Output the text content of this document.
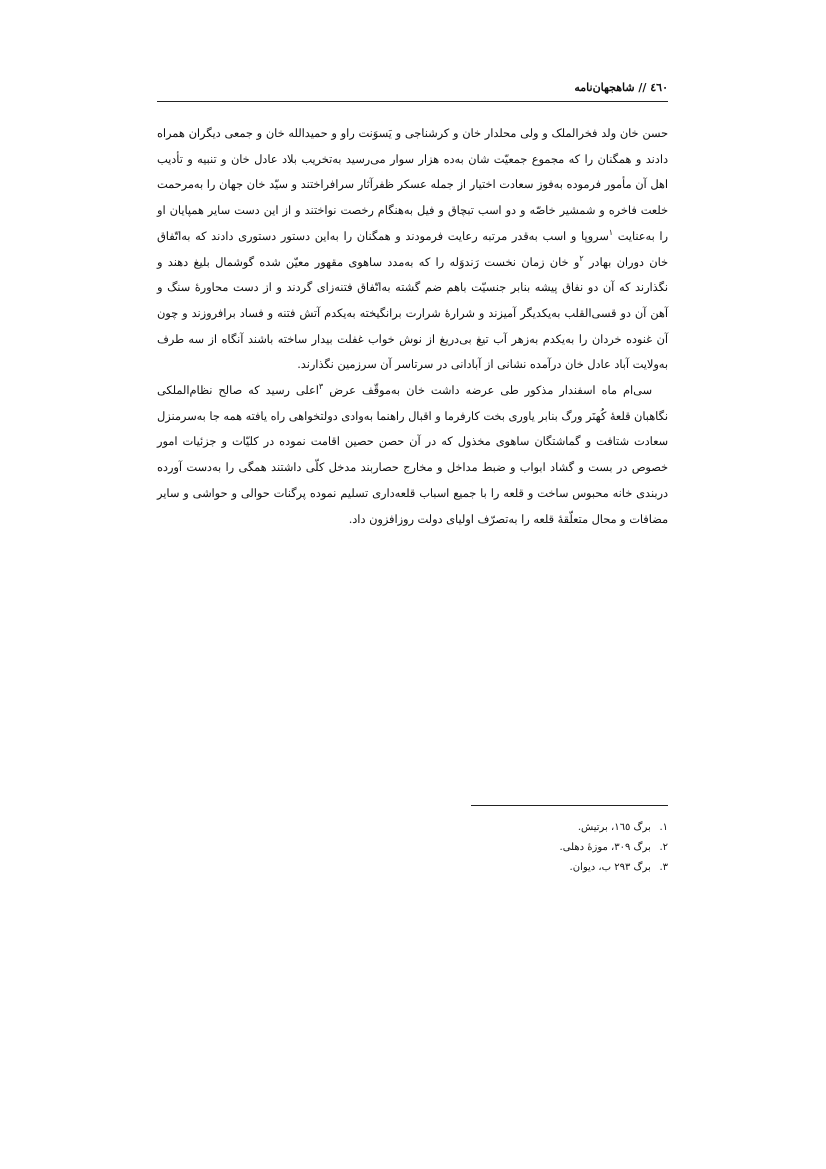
٤٦٠ // شاهجهان‌نامه

حسن خان ولد فخرالملک و ولی محلدار خان و کرشناجی و یَسوَنت راو و حمیدالله خان و جمعی دیگران همراه دادند و همگنان را که مجموع جمعیّت شان به‌ده هزار سوار می‌رسید به‌تخریب بلاد عادل خان و تنبیه و تأدیب اهل آن مأمور فرموده به‌فوز سعادت اختیار از جمله عسکر ظفرآثار سرافراختند و سیّد خان جهان را به‌مرحمت خلعت فاخره و شمشیر خاصّه و دو اسب تبچاق و فیل به‌هنگام رخصت نواختند و از این دست سایر همپایان او را به‌عنایت $^١$سروپا و اسب به‌قدر مرتبه رعایت فرمودند و همگنان را به‌این دستور دستوری دادند که به‌اتّفاق خان دوران بهادر $^٢$و خان زمان نخست رَندوَله را که به‌مدد ساهوی مقهور معیّن شده گوشمال بلیغ دهند و نگذارند که آن دو نفاق پیشه بنابر جنسیّت باهم ضم گشته به‌اتّفاق فتنه‌زای گردند و از دست محاورهٔ سنگ و آهن آن دو قسی‌القلب به‌یکدیگر آمیزند و شرارهٔ شرارت برانگیخته به‌یکدم آتش فتنه و فساد برافروزند و چون آن غنوده خردان را به‌یکدم به‌زهر آب تیغ بی‌دریغ از نوش خواب غفلت بیدار ساخته باشند آنگاه از سه طرف به‌ولایت آباد عادل خان درآمده نشانی از آبادانی در سرتاسر آن سرزمین نگذارند.

سی‌ام ماه اسفندار مذکور طی عرضه داشت خان به‌موقّف عرض $^٣$اعلی رسید که صالح نظام‌الملکی نگاهبان قلعهٔ کُهنَر ورگ بنابر یاوری بخت کارفرما و اقبال راهنما به‌وادی دولتخواهی راه یافته همه جا به‌سرمنزل سعادت شتافت و گماشتگان ساهوی مخذول که در آن حصن حصین اقامت نموده در کلیّات و جزئیات امور خصوص در بست و گشاد ابواب و ضبط مداخل و مخارج حصاربند مدخل کلّی داشتند همگی را به‌دست آورده دربندی خانه محبوس ساخت و قلعه را با جمیع اسباب قلعه‌داری تسلیم نموده پرگنات حوالی و حواشی و سایر مضافات و محال متعلّقهٔ قلعه را به‌تصرّف اولیای دولت روزافزون داد.

١. برگ ١٦٥، برتیش.
٢. برگ ٣٠٩، موزهٔ دهلی.
٣. برگ ٢٩٣ ب، دیوان.
